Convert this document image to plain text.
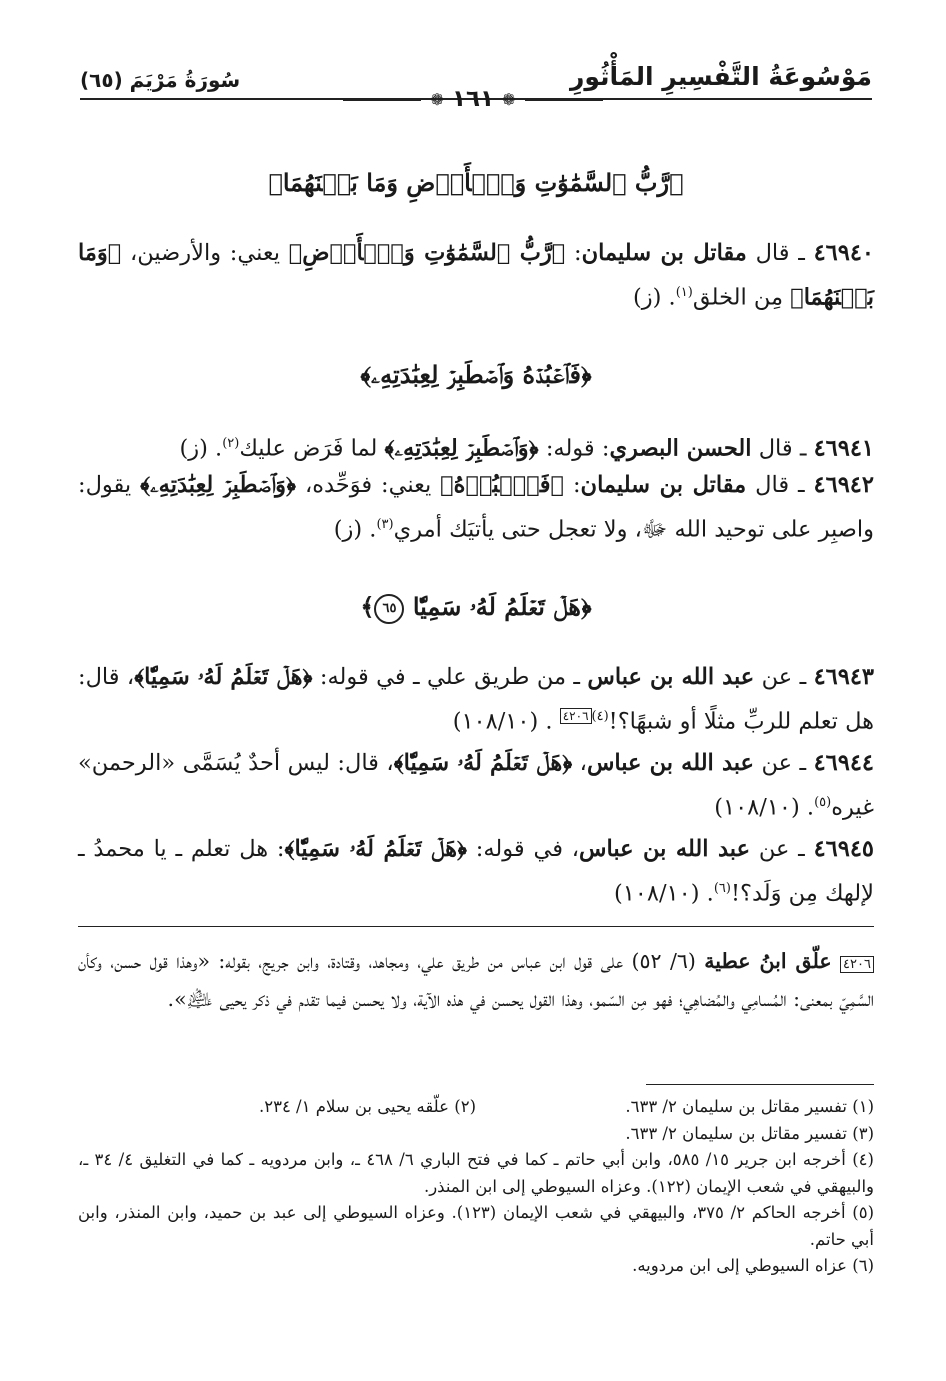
مَوْسُوعَةُ التَّفْسِيرِ المَأْثُورِ
سُورَةُ مَرْيَمَ (٦٥)
❁ ١٦١ ❁
﴿رَّبُّ ٱلسَّمَٰوَٰتِ وَٱلۡأَرۡضِ وَمَا بَيۡنَهُمَا﴾
٤٦٩٤٠ ـ قال مقاتل بن سليمان: ﴿رَّبُّ ٱلسَّمَٰوَٰتِ وَٱلۡأَرۡضِ﴾ يعني: والأرضين، ﴿وَمَا بَيۡنَهُمَا﴾ مِن الخلق$^{(١)}$. (ز)
﴿فَٱعۡبُدۡهُ وَٱصۡطَبِرۡ لِعِبَٰدَتِهِۦ﴾
٤٦٩٤١ ـ قال الحسن البصري: قوله: ﴿وَٱصۡطَبِرۡ لِعِبَٰدَتِهِۦ﴾ لما فَرَض عليك$^{(٢)}$. (ز)
٤٦٩٤٢ ـ قال مقاتل بن سليمان: ﴿فَٱعۡبُدۡهُ﴾ يعني: فوَحِّده، ﴿وَٱصۡطَبِرۡ لِعِبَٰدَتِهِۦ﴾ يقول: واصبِر على توحيد الله ﷻ، ولا تعجل حتى يأتيَك أمري$^{(٣)}$. (ز)
﴿هَلۡ تَعۡلَمُ لَهُۥ سَمِيّٗا ٦٥﴾
٤٦٩٤٣ ـ عن عبد الله بن عباس ـ من طريق علي ـ في قوله: ﴿هَلۡ تَعۡلَمُ لَهُۥ سَمِيّٗا﴾، قال: هل تعلم للربِّ مثلًا أو شبهًا؟!$^{(٤)٤٢٠٦}$ . (١٠٨/١٠)
٤٦٩٤٤ ـ عن عبد الله بن عباس، ﴿هَلۡ تَعۡلَمُ لَهُۥ سَمِيّٗا﴾، قال: ليس أحدٌ يُسَمَّى «الرحمن» غيره$^{(٥)}$. (١٠٨/١٠)
٤٦٩٤٥ ـ عن عبد الله بن عباس، في قوله: ﴿هَلۡ تَعۡلَمُ لَهُۥ سَمِيّٗا﴾: هل تعلم ـ يا محمدُ ـ لإلهك مِن وَلَد؟!$^{(٦)}$. (١٠٨/١٠)
٤٢٠٦ علّق ابنُ عطية (٦/ ٥٢) على قول ابن عباس من طريق علي، ومجاهد، وقتادة، وابن جريج، بقوله: «وهذا قول حسن، وكأن السَّمِيّ بمعنى: المُسامِي والمُضاهِي؛ فهو مِن السّمو، وهذا القول يحسن في هذه الآية، ولا يحسن فيما تقدم في ذكر يحيى ﵇».
(١) تفسير مقاتل بن سليمان ٢/ ٦٣٣.
(٢) علّقه يحيى بن سلام ١/ ٢٣٤.
(٣) تفسير مقاتل بن سليمان ٢/ ٦٣٣.
(٤) أخرجه ابن جرير ١٥/ ٥٨٥، وابن أبي حاتم ـ كما في فتح الباري ٦/ ٤٦٨ ـ، وابن مردويه ـ كما في التغليق ٤/ ٣٤ ـ، والبيهقي في شعب الإيمان (١٢٢). وعزاه السيوطي إلى ابن المنذر.
(٥) أخرجه الحاكم ٢/ ٣٧٥، والبيهقي في شعب الإيمان (١٢٣). وعزاه السيوطي إلى عبد بن حميد، وابن المنذر، وابن أبي حاتم.
(٦) عزاه السيوطي إلى ابن مردويه.
